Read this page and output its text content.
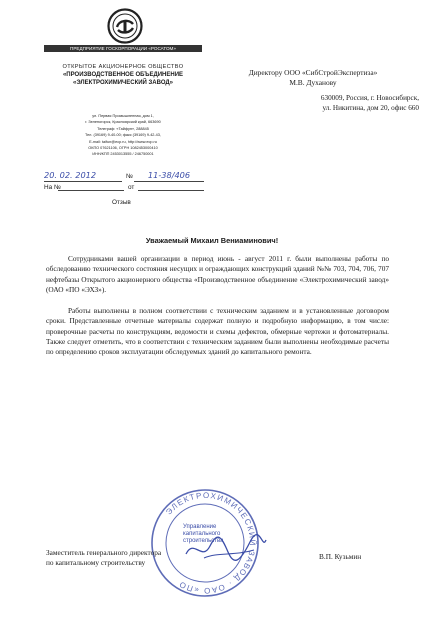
ПРЕДПРИЯТИЕ ГОСКОРПОРАЦИИ «РОСАТОМ»
ОТКРЫТОЕ АКЦИОНЕРНОЕ ОБЩЕСТВО
«ПРОИЗВОДСТВЕННОЕ ОБЪЕДИНЕНИЕ
«ЭЛЕКТРОХИМИЧЕСКИЙ ЗАВОД»
ул. Первая Промышленная, дом 1,
г. Зеленогорск, Красноярский край, 663690
Телеграф: «Тайфун», 288845
Тел. (39169) 9-40-00; факс (39169) 9-42-43,
E-mail: taifun@ecp.ru, http://www.ecp.ru
ОКПО 07621106, ОГРН 1082453000410
ИНН/КПП 2453013555 / 246750001
Директору ООО «СибСтройЭкспертиза»
М.В. Духанову
630009, Россия, г. Новосибирск,
ул. Никитина, дом 20, офис 660
20. 02. 2012	№	11-38/406
На №	от
Отзыв
Уважаемый Михаил Вениаминович!
Сотрудниками вашей организации в период июнь - август 2011 г. были выполнены работы по обследованию технического состояния несущих и ограждающих конструкций зданий №№ 703, 704, 706, 707 нефтебазы Открытого акционерного общества «Производственное объединение «Электрохимический завод» (ОАО «ПО «ЭХЗ»).
Работы выполнены в полном соответствии с техническим заданием и в установленные договором сроки. Представленные отчетные материалы содержат полную и подробную информацию, в том числе: проверочные расчеты по конструкциям, ведомости и схемы дефектов, обмерные чертежи и фотоматериалы. Также следует отметить, что в соответствии с техническим заданием были выполнены необходимые расчеты по определению сроков эксплуатации обследуемых зданий до капитального ремонта.
ЭЛЕКТРОХИМИЧЕСКИЙ ЗАВОД · ОАО «ПО
Управление
капитального
строительства
Заместитель генерального директора
по капитальному строительству
В.П. Кузьмин
